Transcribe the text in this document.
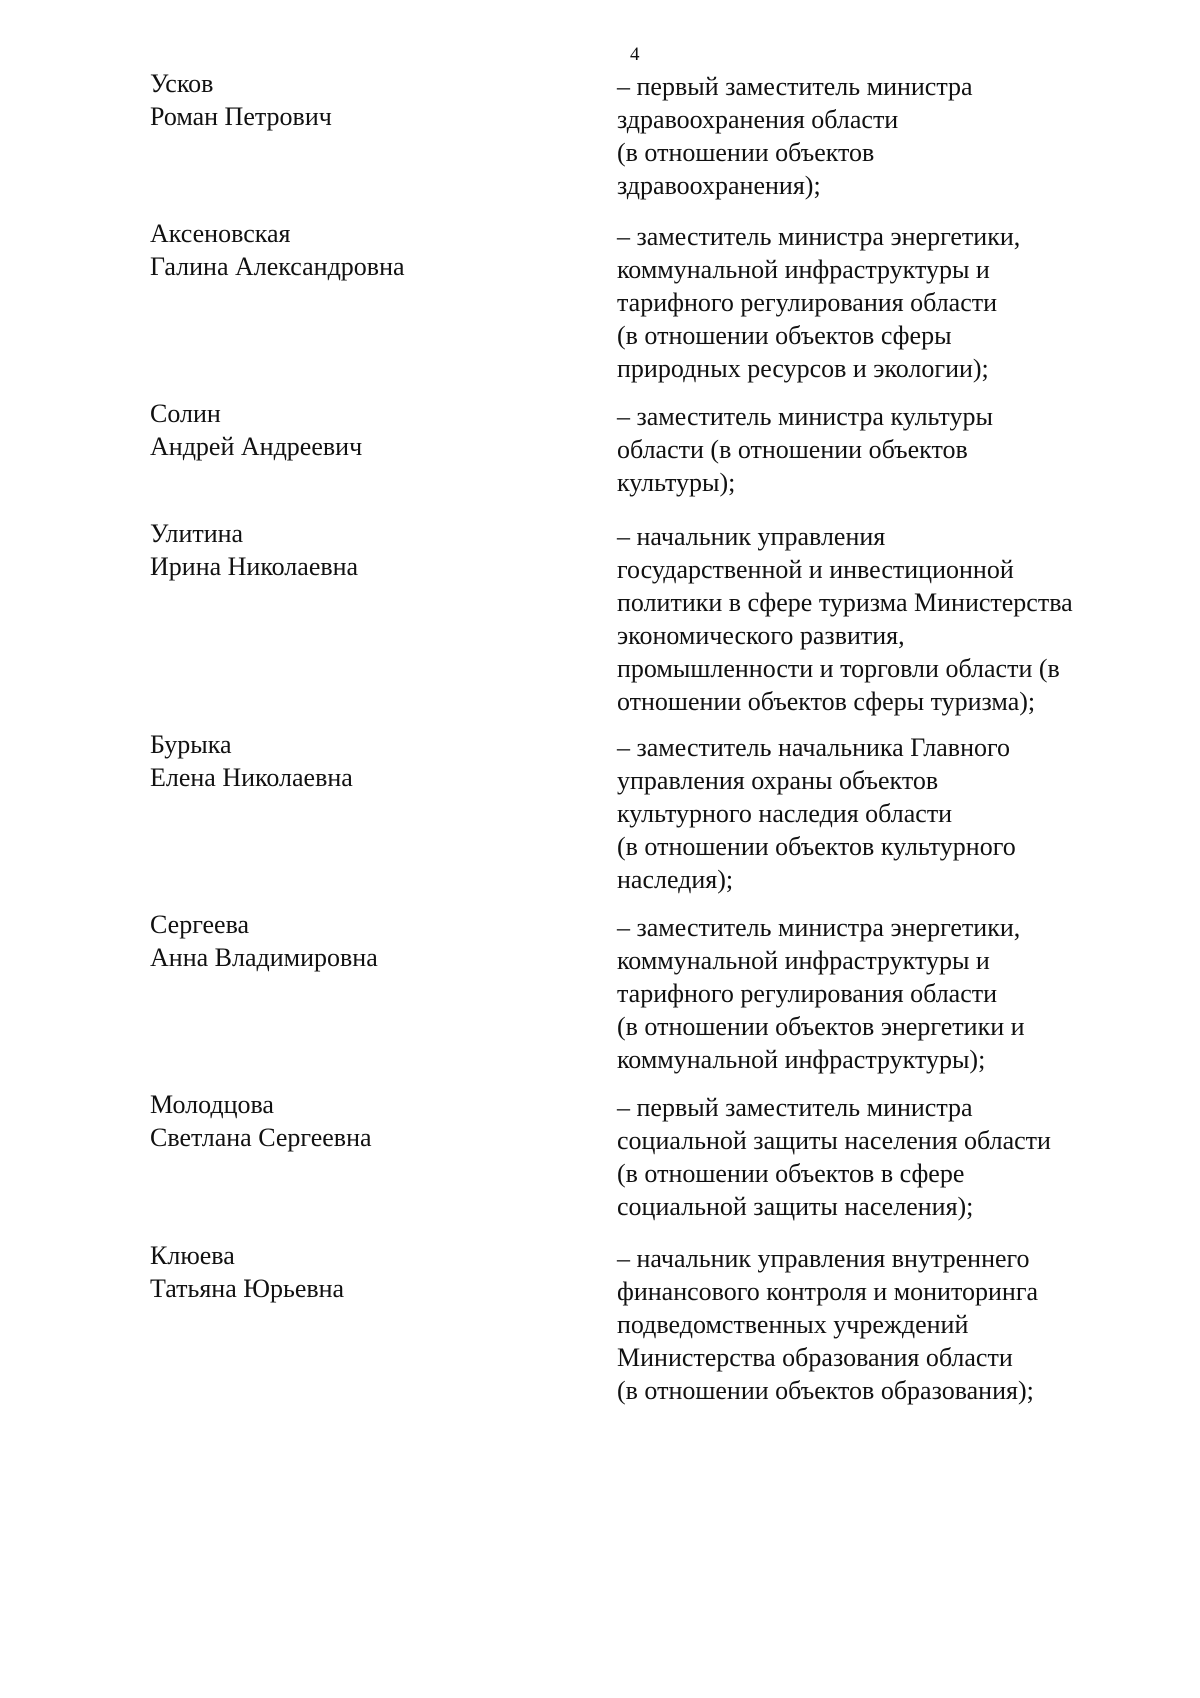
4
Усков
Роман Петрович
– первый заместитель министра
здравоохранения области
(в отношении объектов
здравоохранения);
Аксеновская
Галина Александровна
– заместитель министра энергетики,
коммунальной инфраструктуры и
тарифного регулирования области
(в отношении объектов сферы
природных ресурсов и экологии);
Солин
Андрей Андреевич
– заместитель министра культуры
области (в отношении объектов
культуры);
Улитина
Ирина Николаевна
– начальник управления
государственной и инвестиционной
политики в сфере туризма Министерства
экономического развития,
промышленности и торговли области (в
отношении объектов сферы туризма);
Бурыка
Елена Николаевна
– заместитель начальника Главного
управления охраны объектов
культурного наследия области
(в отношении объектов культурного
наследия);
Сергеева
Анна Владимировна
– заместитель министра энергетики,
коммунальной инфраструктуры и
тарифного регулирования области
(в отношении объектов энергетики и
коммунальной инфраструктуры);
Молодцова
Светлана Сергеевна
– первый заместитель министра
социальной защиты населения области
(в отношении объектов в сфере
социальной защиты населения);
Клюева
Татьяна Юрьевна
– начальник управления внутреннего
финансового контроля и мониторинга
подведомственных учреждений
Министерства образования области
(в отношении объектов образования);
